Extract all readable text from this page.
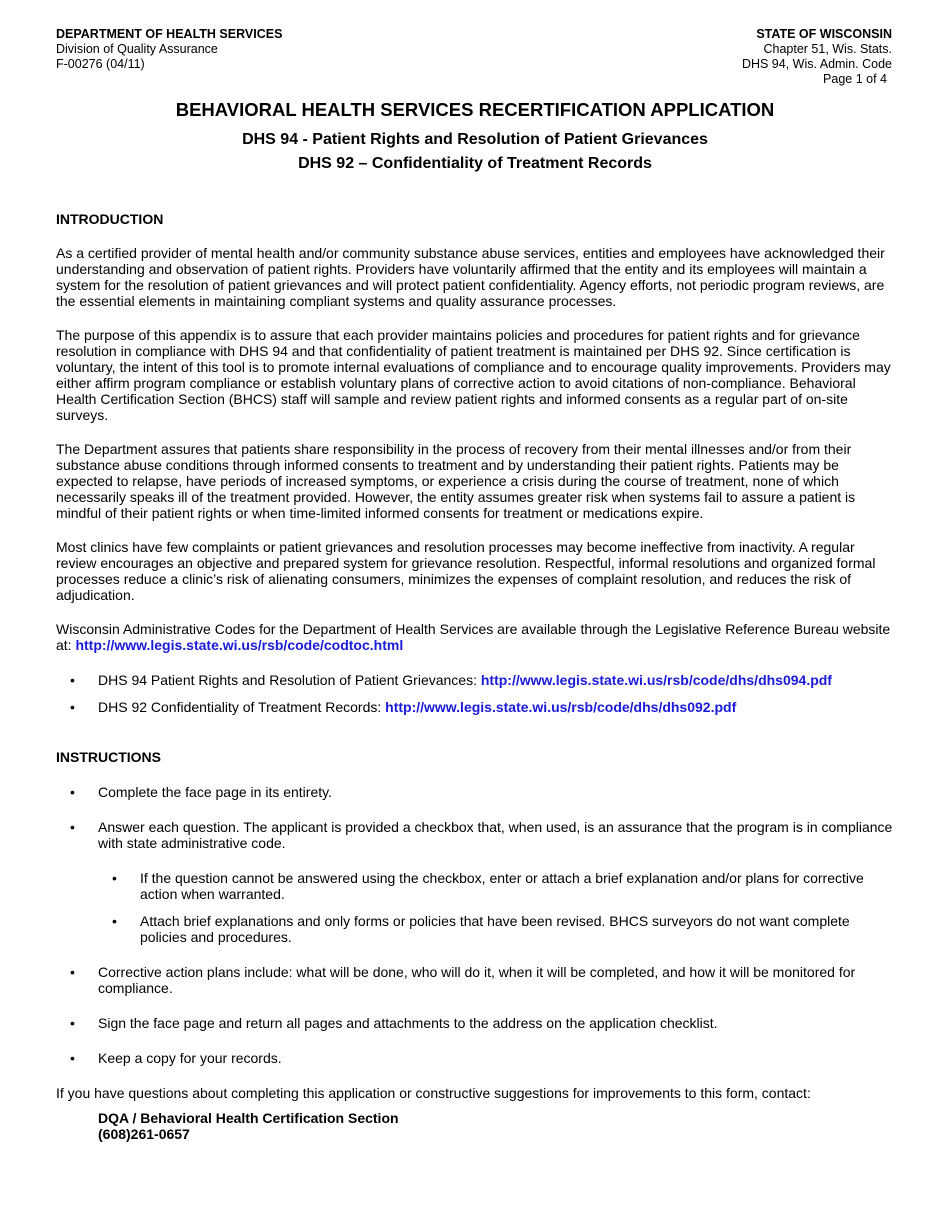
DEPARTMENT OF HEALTH SERVICES
Division of Quality Assurance
F-00276 (04/11)
STATE OF WISCONSIN
Chapter 51, Wis. Stats.
DHS 94, Wis. Admin. Code
Page 1 of 4
BEHAVIORAL HEALTH SERVICES RECERTIFICATION APPLICATION
DHS 94 - Patient Rights and Resolution of Patient Grievances
DHS 92 – Confidentiality of Treatment Records
INTRODUCTION

As a certified provider of mental health and/or community substance abuse services, entities and employees have acknowledged their understanding and observation of patient rights. Providers have voluntarily affirmed that the entity and its employees will maintain a system for the resolution of patient grievances and will protect patient confidentiality. Agency efforts, not periodic program reviews, are the essential elements in maintaining compliant systems and quality assurance processes.

The purpose of this appendix is to assure that each provider maintains policies and procedures for patient rights and for grievance resolution in compliance with DHS 94 and that confidentiality of patient treatment is maintained per DHS 92. Since certification is voluntary, the intent of this tool is to promote internal evaluations of compliance and to encourage quality improvements. Providers may either affirm program compliance or establish voluntary plans of corrective action to avoid citations of non-compliance. Behavioral Health Certification Section (BHCS) staff will sample and review patient rights and informed consents as a regular part of on-site surveys.

The Department assures that patients share responsibility in the process of recovery from their mental illnesses and/or from their substance abuse conditions through informed consents to treatment and by understanding their patient rights. Patients may be expected to relapse, have periods of increased symptoms, or experience a crisis during the course of treatment, none of which necessarily speaks ill of the treatment provided. However, the entity assumes greater risk when systems fail to assure a patient is mindful of their patient rights or when time-limited informed consents for treatment or medications expire.

Most clinics have few complaints or patient grievances and resolution processes may become ineffective from inactivity. A regular review encourages an objective and prepared system for grievance resolution. Respectful, informal resolutions and organized formal processes reduce a clinic’s risk of alienating consumers, minimizes the expenses of complaint resolution, and reduces the risk of adjudication.

Wisconsin Administrative Codes for the Department of Health Services are available through the Legislative Reference Bureau website at: http://www.legis.state.wi.us/rsb/code/codtoc.html

• DHS 94 Patient Rights and Resolution of Patient Grievances: http://www.legis.state.wi.us/rsb/code/dhs/dhs094.pdf
• DHS 92 Confidentiality of Treatment Records: http://www.legis.state.wi.us/rsb/code/dhs/dhs092.pdf
INSTRUCTIONS
• Complete the face page in its entirety.
• Answer each question. The applicant is provided a checkbox that, when used, is an assurance that the program is in compliance with state administrative code.
• If the question cannot be answered using the checkbox, enter or attach a brief explanation and/or plans for corrective action when warranted.
• Attach brief explanations and only forms or policies that have been revised. BHCS surveyors do not want complete policies and procedures.
• Corrective action plans include: what will be done, who will do it, when it will be completed, and how it will be monitored for compliance.
• Sign the face page and return all pages and attachments to the address on the application checklist.
• Keep a copy for your records.

If you have questions about completing this application or constructive suggestions for improvements to this form, contact:

DQA / Behavioral Health Certification Section
(608)261-0657
